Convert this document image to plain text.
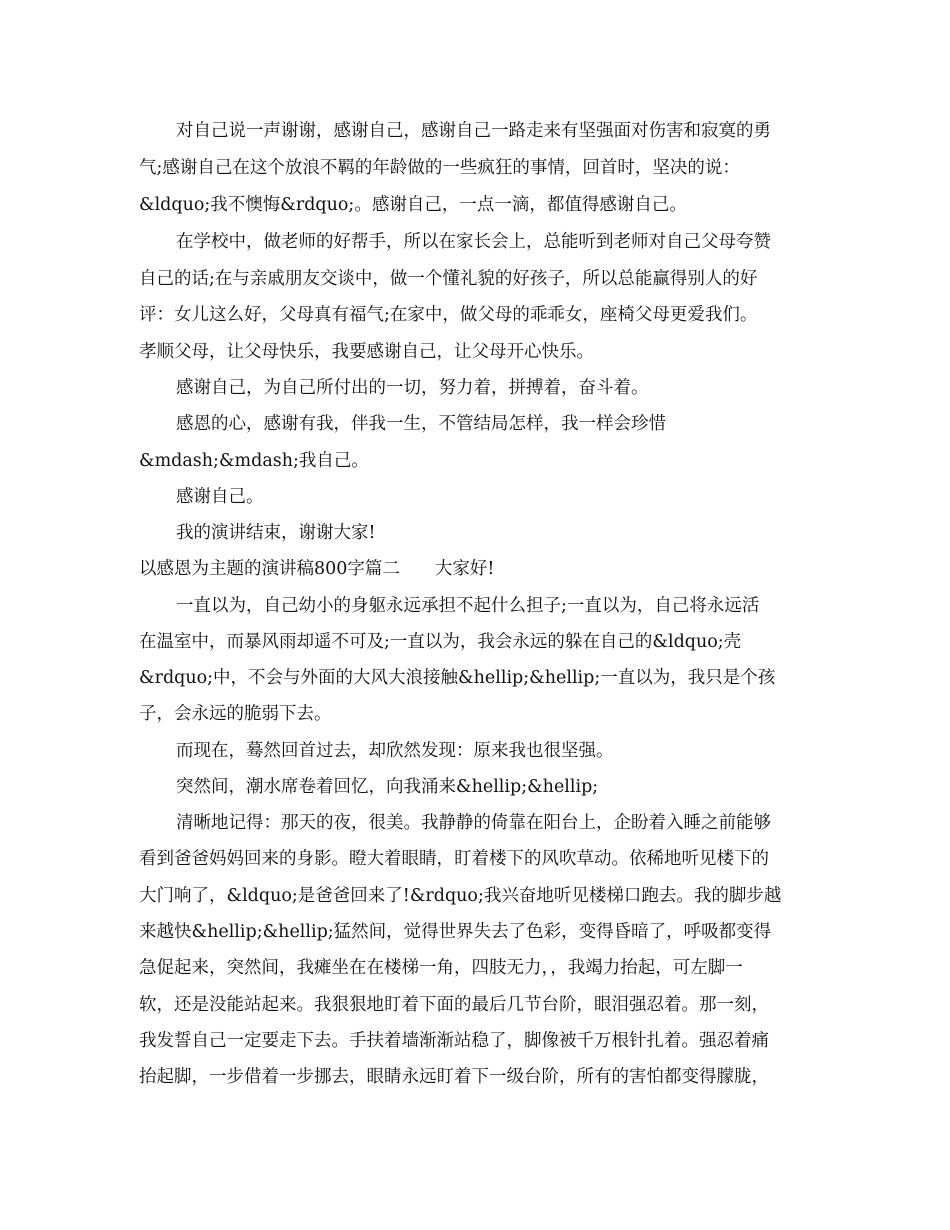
对自己说一声谢谢，感谢自己，感谢自己一路走来有坚强面对伤害和寂寞的勇
气;感谢自己在这个放浪不羁的年龄做的一些疯狂的事情，回首时，坚决的说：
&ldquo;我不懊悔&rdquo;。感谢自己，一点一滴，都值得感谢自己。
在学校中，做老师的好帮手，所以在家长会上，总能听到老师对自己父母夸赞
自己的话;在与亲戚朋友交谈中，做一个懂礼貌的好孩子，所以总能赢得别人的好
评：女儿这么好，父母真有福气;在家中，做父母的乖乖女，座椅父母更爱我们。
孝顺父母，让父母快乐，我要感谢自己，让父母开心快乐。
感谢自己，为自己所付出的一切，努力着，拼搏着，奋斗着。
感恩的心，感谢有我，伴我一生，不管结局怎样，我一样会珍惜
&mdash;&mdash;我自己。
感谢自己。
我的演讲结束，谢谢大家!
以感恩为主题的演讲稿800字篇二　　大家好!
一直以为，自己幼小的身躯永远承担不起什么担子;一直以为，自己将永远活
在温室中，而暴风雨却遥不可及;一直以为，我会永远的躲在自己的&ldquo;壳
&rdquo;中，不会与外面的大风大浪接触&hellip;&hellip;一直以为，我只是个孩
子，会永远的脆弱下去。
而现在，蓦然回首过去，却欣然发现：原来我也很坚强。
突然间，潮水席卷着回忆，向我涌来&hellip;&hellip;
清晰地记得：那天的夜，很美。我静静的倚靠在阳台上，企盼着入睡之前能够
看到爸爸妈妈回来的身影。瞪大着眼睛，盯着楼下的风吹草动。依稀地听见楼下的
大门响了，&ldquo;是爸爸回来了!&rdquo;我兴奋地听见楼梯口跑去。我的脚步越
来越快&hellip;&hellip;猛然间，觉得世界失去了色彩，变得昏暗了，呼吸都变得
急促起来，突然间，我瘫坐在在楼梯一角，四肢无力，，我竭力抬起，可左脚一
软，还是没能站起来。我狠狠地盯着下面的最后几节台阶，眼泪强忍着。那一刻，
我发誓自己一定要走下去。手扶着墙渐渐站稳了，脚像被千万根针扎着。强忍着痛
抬起脚，一步借着一步挪去，眼睛永远盯着下一级台阶，所有的害怕都变得朦胧，
